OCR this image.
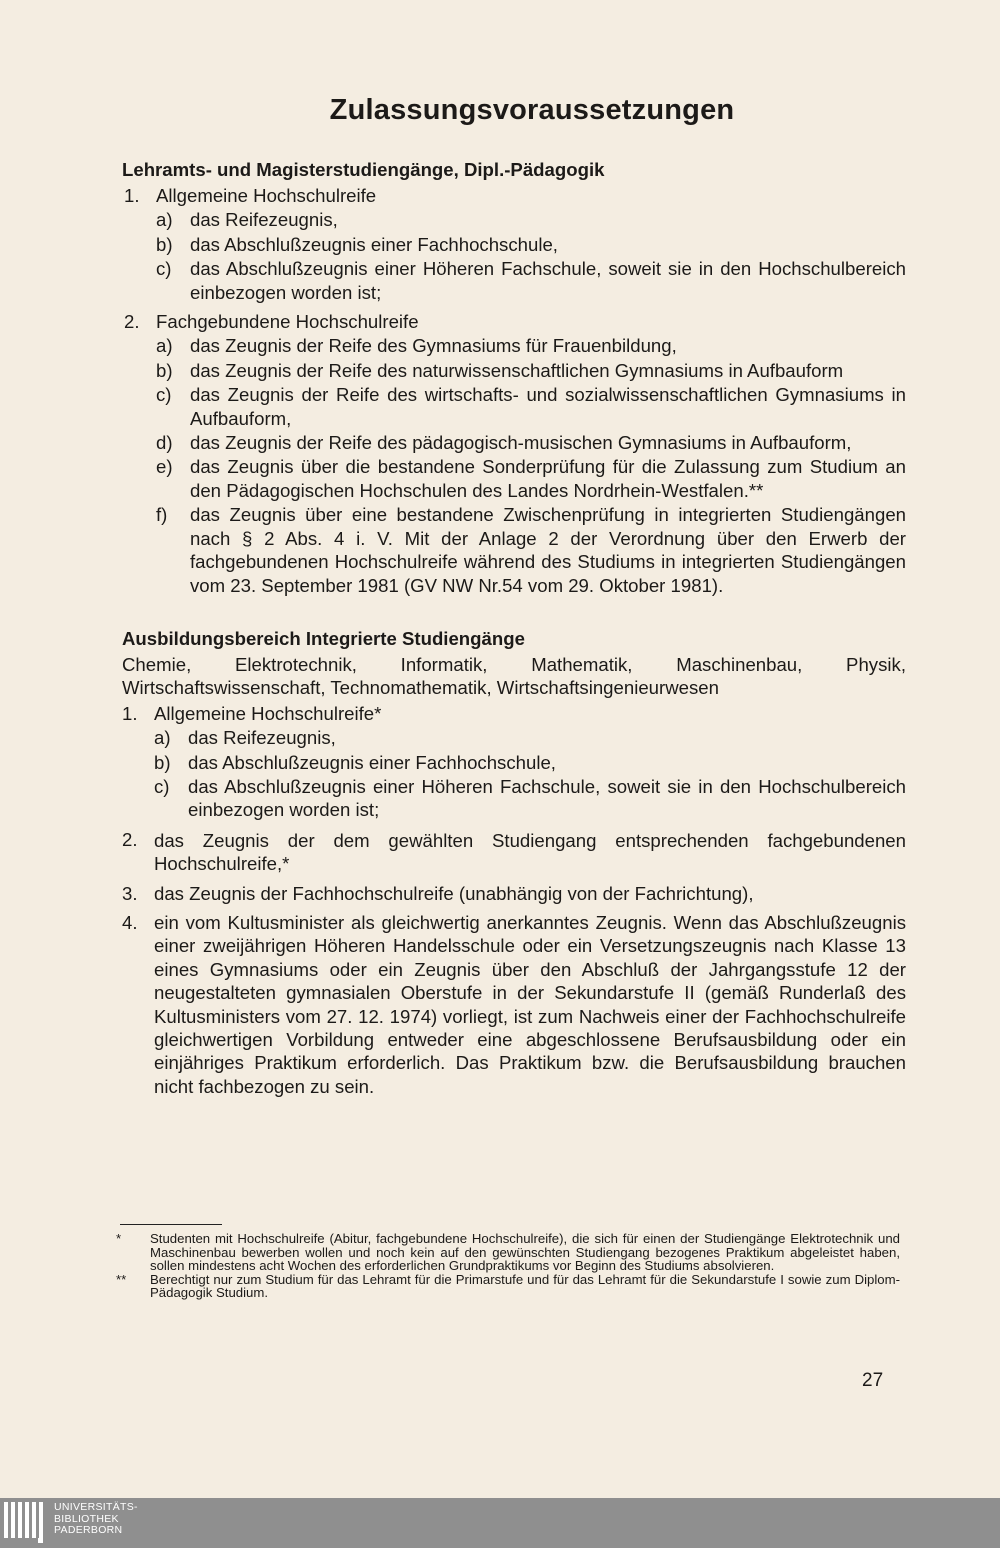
Zulassungsvoraussetzungen
Lehramts- und Magisterstudiengänge, Dipl.-Pädagogik
1. Allgemeine Hochschulreife
a) das Reifezeugnis,
b) das Abschlußzeugnis einer Fachhochschule,
c) das Abschlußzeugnis einer Höheren Fachschule, soweit sie in den Hochschulbereich einbezogen worden ist;
2. Fachgebundene Hochschulreife
a) das Zeugnis der Reife des Gymnasiums für Frauenbildung,
b) das Zeugnis der Reife des naturwissenschaftlichen Gymnasiums in Aufbauform
c) das Zeugnis der Reife des wirtschafts- und sozialwissenschaftlichen Gymnasiums in Aufbauform,
d) das Zeugnis der Reife des pädagogisch-musischen Gymnasiums in Aufbauform,
e) das Zeugnis über die bestandene Sonderprüfung für die Zulassung zum Studium an den Pädagogischen Hochschulen des Landes Nordrhein-Westfalen.**
f)	das Zeugnis über eine bestandene Zwischenprüfung in integrierten Studiengängen nach § 2 Abs. 4 i. V. Mit der Anlage 2 der Verordnung über den Erwerb der fachgebundenen Hochschulreife während des Studiums in integrierten Studiengängen vom 23. September 1981 (GV NW Nr.54 vom 29. Oktober 1981).
Ausbildungsbereich Integrierte Studiengänge

Chemie, Elektrotechnik, Informatik, Mathematik, Maschinenbau, Physik, Wirtschaftswissenschaft, Technomathematik, Wirtschaftsingenieurwesen

1. Allgemeine Hochschulreife*
a) das Reifezeugnis,
b) das Abschlußzeugnis einer Fachhochschule,
c) das Abschlußzeugnis einer Höheren Fachschule, soweit sie in den Hochschulbereich einbezogen worden ist;
2. das Zeugnis der dem gewählten Studiengang entsprechenden fachgebundenen Hochschulreife,*
3. das Zeugnis der Fachhochschulreife (unabhängig von der Fachrichtung),
4. ein vom Kultusminister als gleichwertig anerkanntes Zeugnis. Wenn das Abschlußzeugnis einer zweijährigen Höheren Handelsschule oder ein Versetzungszeugnis nach Klasse 13 eines Gymnasiums oder ein Zeugnis über den Abschluß der Jahrgangsstufe 12 der neugestalteten gymnasialen Oberstufe in der Sekundarstufe II (gemäß Runderlaß des Kultusministers vom 27. 12. 1974) vorliegt, ist zum Nachweis einer der Fachhochschulreife gleichwertigen Vorbildung entweder eine abgeschlossene Berufsausbildung oder ein einjähriges Praktikum erforderlich. Das Praktikum bzw. die Berufsausbildung brauchen nicht fachbezogen zu sein.
*	Studenten mit Hochschulreife (Abitur, fachgebundene Hochschulreife), die sich für einen der Studiengänge Elektrotechnik und Maschinenbau bewerben wollen und noch kein auf den gewünschten Studiengang bezogenes Praktikum abgeleistet haben, sollen mindestens acht Wochen des erforderlichen Grundpraktikums vor Beginn des Studiums absolvieren.
**	Berechtigt nur zum Studium für das Lehramt für die Primarstufe und für das Lehramt für die Sekundarstufe I sowie zum Diplom-Pädagogik Studium.
27
UNIVERSITÄTS-
BIBLIOTHEK
PADERBORN
